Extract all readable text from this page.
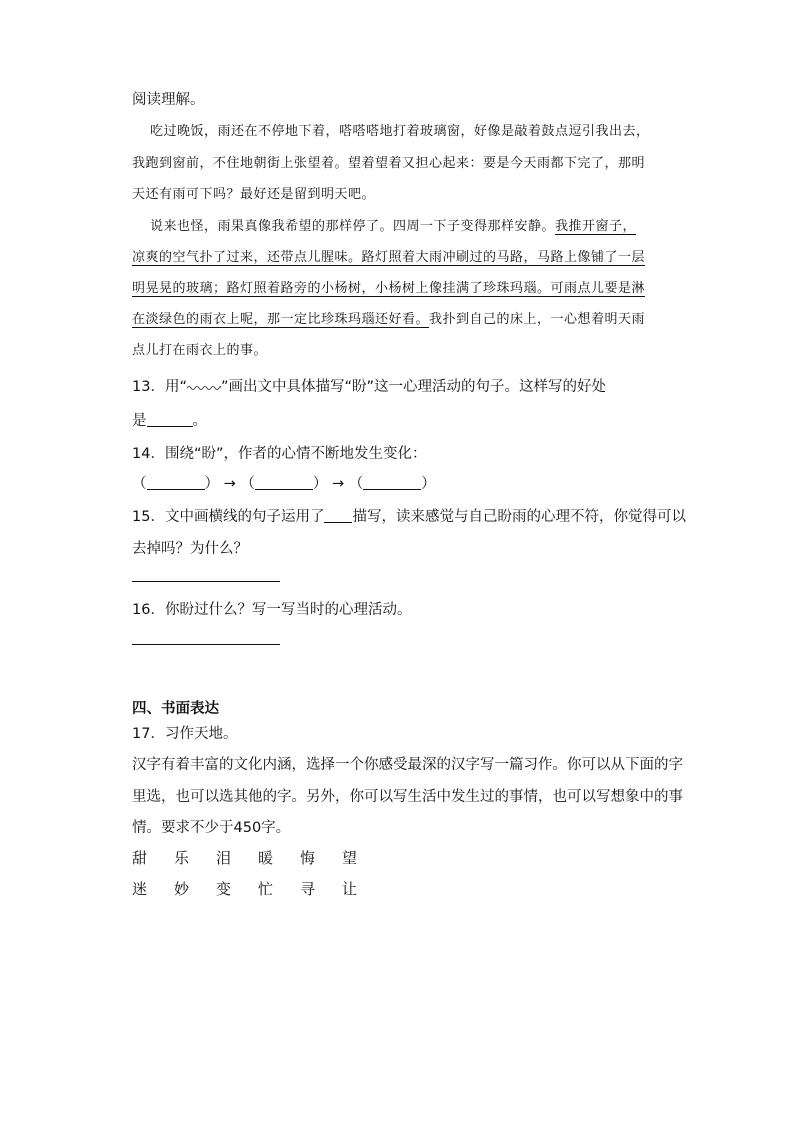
阅读理解。
吃过晚饭，雨还在不停地下着，嗒嗒嗒地打着玻璃窗，好像是敲着鼓点逗引我出去，
我跑到窗前，不住地朝街上张望着。望着望着又担心起来：要是今天雨都下完了，那明
天还有雨可下吗？最好还是留到明天吧。
说来也怪，雨果真像我希望的那样停了。四周一下子变得那样安静。我推开窗子，
凉爽的空气扑了过来，还带点儿腥味。路灯照着大雨冲刷过的马路，马路上像铺了一层
明晃晃的玻璃；路灯照着路旁的小杨树，小杨树上像挂满了珍珠玛瑙。可雨点儿要是淋
在淡绿色的雨衣上呢，那一定比珍珠玛瑙还好看。我扑到自己的床上，一心想着明天雨
点儿打在雨衣上的事。
13．用“ ”画出文中具体描写“盼”这一心理活动的句子。这样写的好处
是	。
14．围绕“盼”，作者的心情不断地发生变化：
（	） → （	） → （	）
15．文中画横线的句子运用了 描写，读来感觉与自己盼雨的心理不符，你觉得可以
去掉吗？为什么？
16．你盼过什么？写一写当时的心理活动。
四、书面表达
17．习作天地。
汉字有着丰富的文化内涵，选择一个你感受最深的汉字写一篇习作。你可以从下面的字
里选，也可以选其他的字。另外，你可以写生活中发生过的事情，也可以写想象中的事
情。要求不少于450字。
甜 乐 泪 暖 悔 望
迷 妙 变 忙 寻 让
